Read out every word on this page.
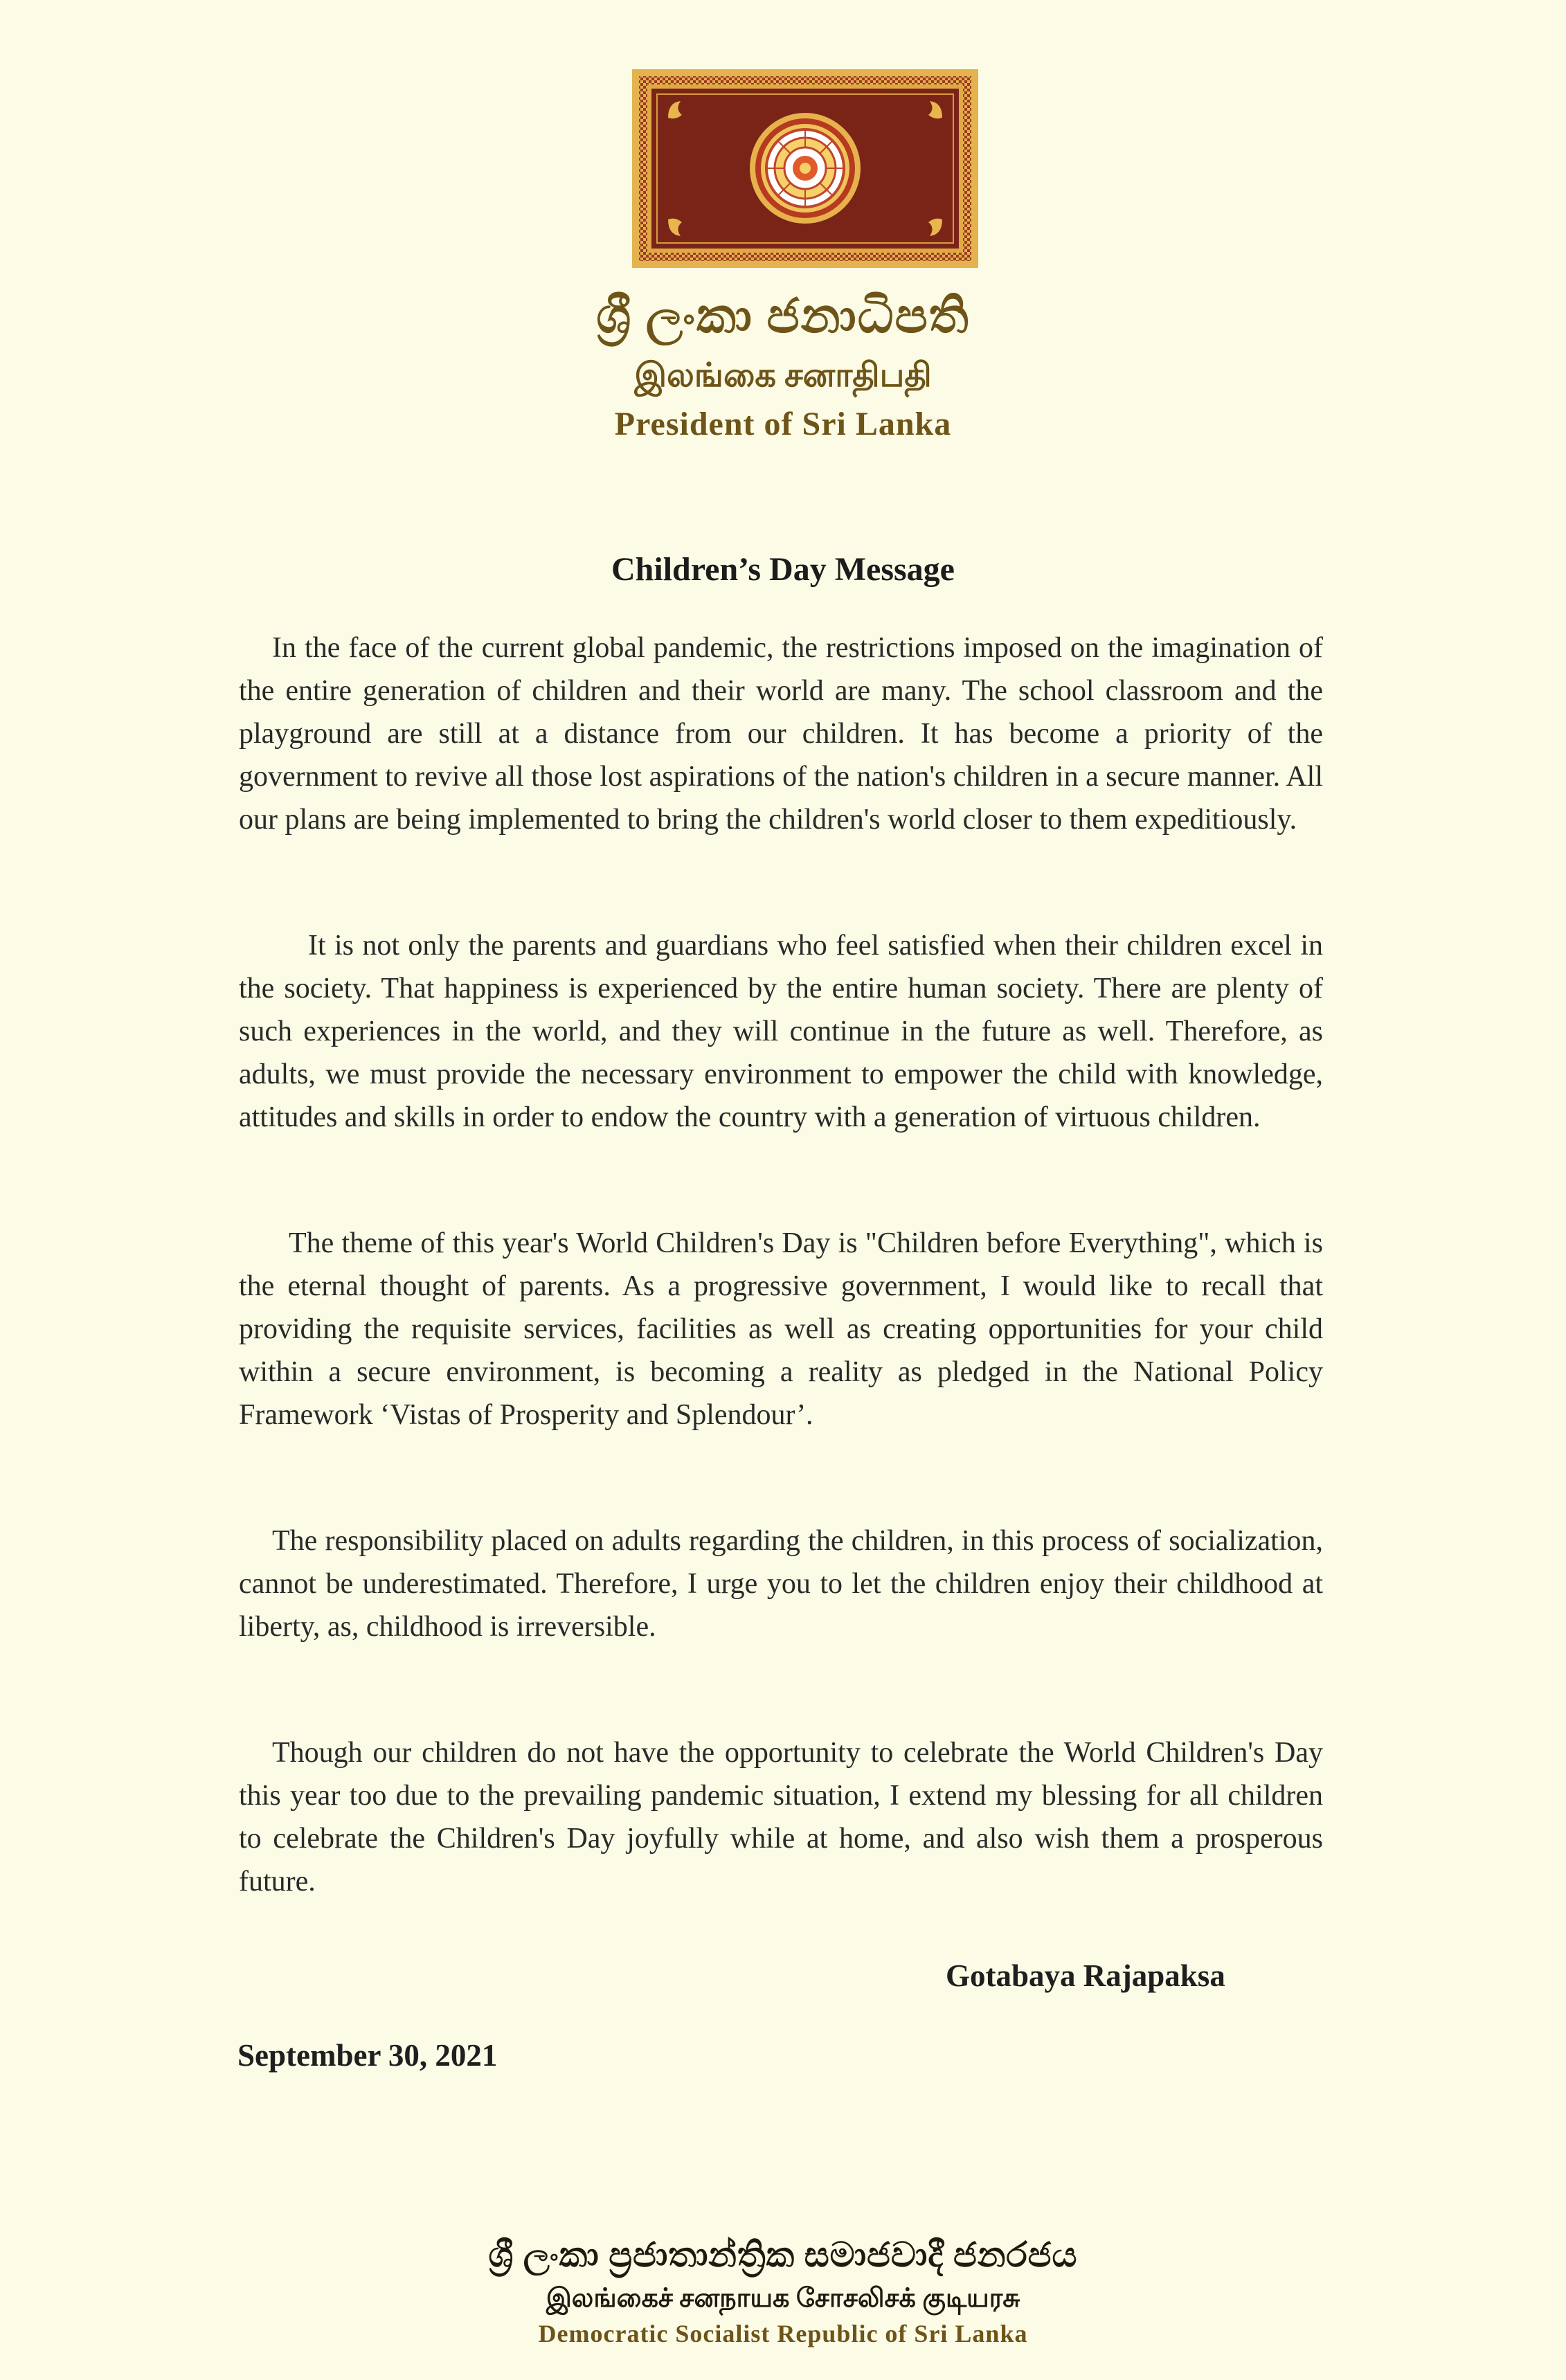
ශ්‍රී ලංකා ජනාධිපති

இலங்கை சனாதிபதி

President of Sri Lanka

Children’s Day Message

In the face of the current global pandemic, the restrictions imposed on the imagination of the entire generation of children and their world are many. The school classroom and the playground are still at a distance from our children. It has become a priority of the government to revive all those lost aspirations of the nation's children in a secure manner. All our plans are being implemented to bring the children's world closer to them expeditiously.

It is not only the parents and guardians who feel satisfied when their children excel in the society. That happiness is experienced by the entire human society. There are plenty of such experiences in the world, and they will continue in the future as well. Therefore, as adults, we must provide the necessary environment to empower the child with knowledge, attitudes and skills in order to endow the country with a generation of virtuous children.

The theme of this year's World Children's Day is "Children before Everything", which is the eternal thought of parents. As a progressive government, I would like to recall that providing the requisite services, facilities as well as creating opportunities for your child within a secure environment, is becoming a reality as pledged in the National Policy Framework ‘Vistas of Prosperity and Splendour’.

The responsibility placed on adults regarding the children, in this process of socialization, cannot be underestimated. Therefore, I urge you to let the children enjoy their childhood at liberty, as, childhood is irreversible.

Though our children do not have the opportunity to celebrate the World Children's Day this year too due to the prevailing pandemic situation, I extend my blessing for all children to celebrate the Children's Day joyfully while at home, and also wish them a prosperous future.

Gotabaya Rajapaksa

September 30, 2021

ශ්‍රී ලංකා ප්‍රජාතාන්ත්‍රික සමාජවාදී ජනරජය

இலங்கைச் சனநாயக சோசலிசக் குடியரசு

Democratic Socialist Republic of Sri Lanka
